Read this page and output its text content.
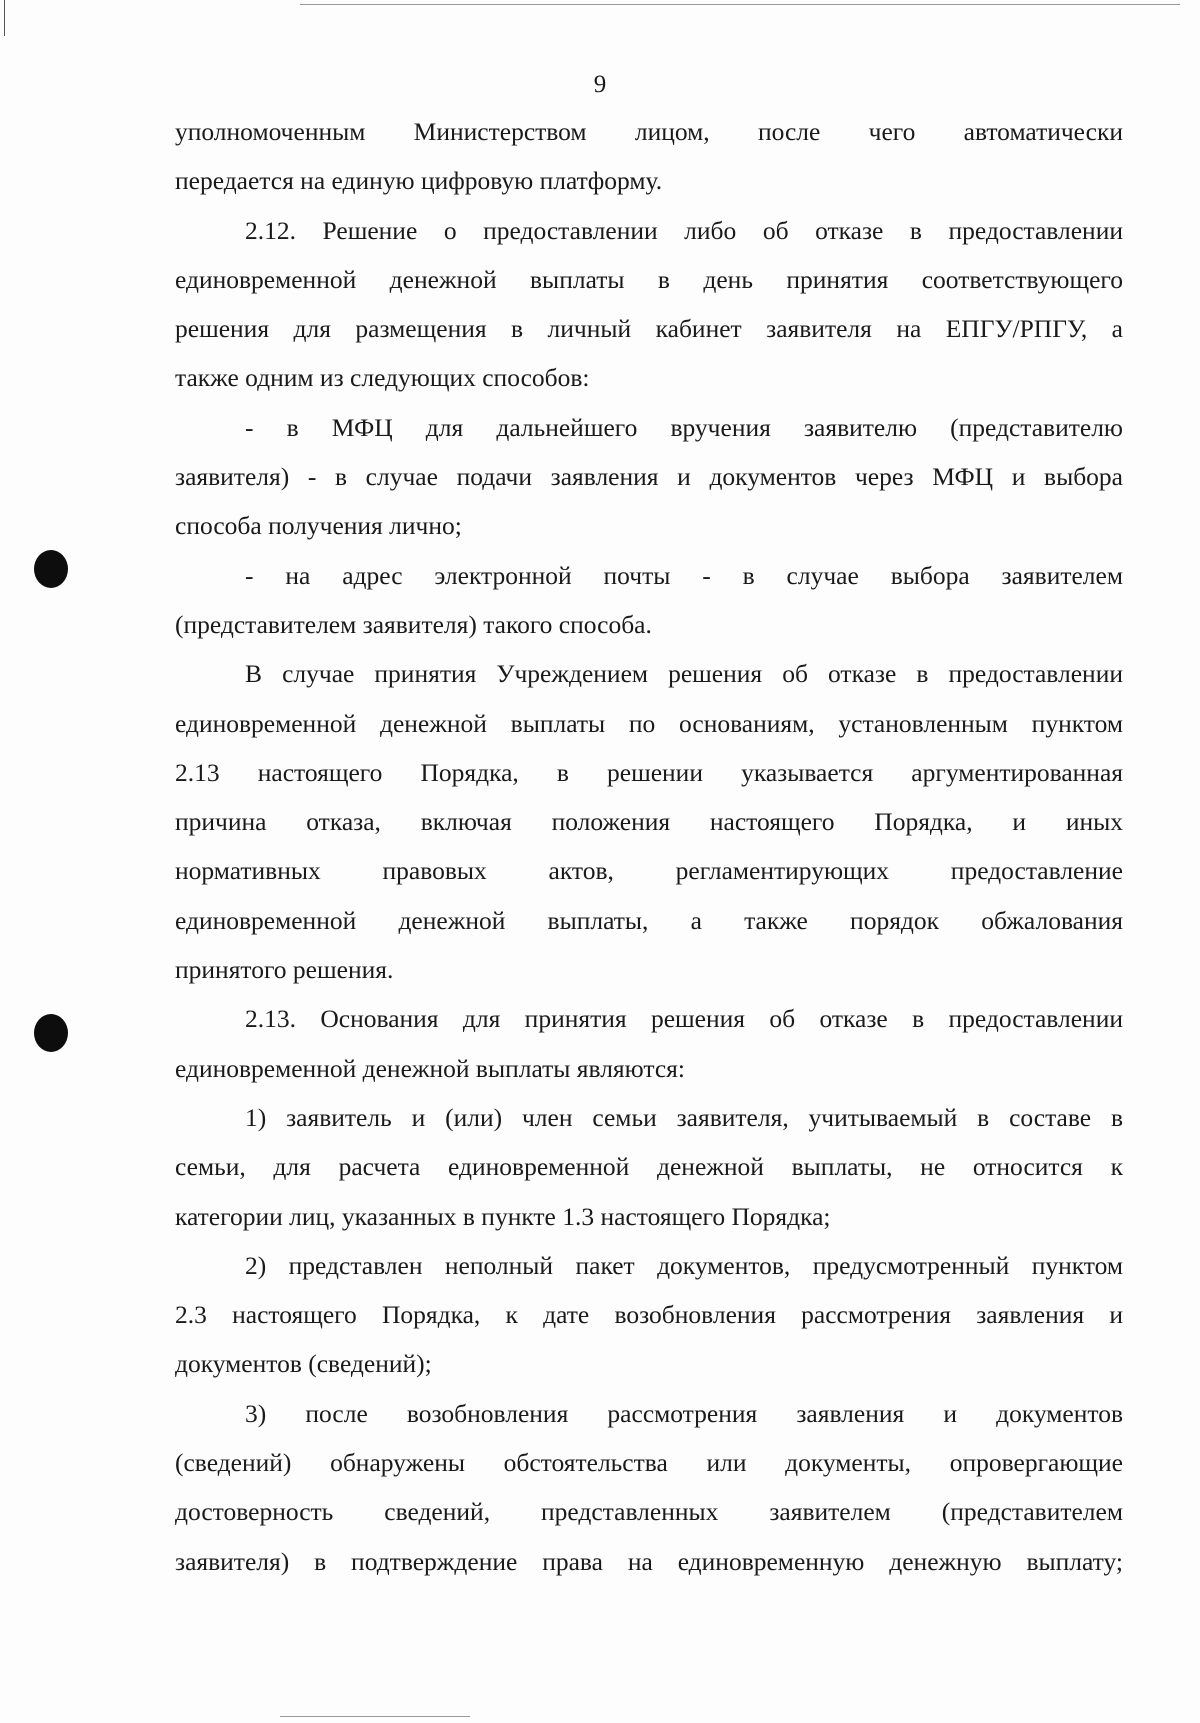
9

уполномоченным Министерством лицом, после чего автоматически
передается на единую цифровую платформу.

2.12. Решение о предоставлении либо об отказе в предоставлении
единовременной денежной выплаты в день принятия соответствующего
решения для размещения в личный кабинет заявителя на ЕПГУ/РПГУ, а
также одним из следующих способов:

- в МФЦ для дальнейшего вручения заявителю (представителю
заявителя) - в случае подачи заявления и документов через МФЦ и выбора
способа получения лично;

- на адрес электронной почты - в случае выбора заявителем
(представителем заявителя) такого способа.

В случае принятия Учреждением решения об отказе в предоставлении
единовременной денежной выплаты по основаниям, установленным пунктом
2.13 настоящего Порядка, в решении указывается аргументированная
причина отказа, включая положения настоящего Порядка, и иных
нормативных правовых актов, регламентирующих предоставление
единовременной денежной выплаты, а также порядок обжалования
принятого решения.

2.13. Основания для принятия решения об отказе в предоставлении
единовременной денежной выплаты являются:

1) заявитель и (или) член семьи заявителя, учитываемый в составе в
семьи, для расчета единовременной денежной выплаты, не относится к
категории лиц, указанных в пункте 1.3 настоящего Порядка;

2) представлен неполный пакет документов, предусмотренный пунктом
2.3 настоящего Порядка, к дате возобновления рассмотрения заявления и
документов (сведений);

3) после возобновления рассмотрения заявления и документов
(сведений) обнаружены обстоятельства или документы, опровергающие
достоверность сведений, представленных заявителем (представителем
заявителя) в подтверждение права на единовременную денежную выплату;
